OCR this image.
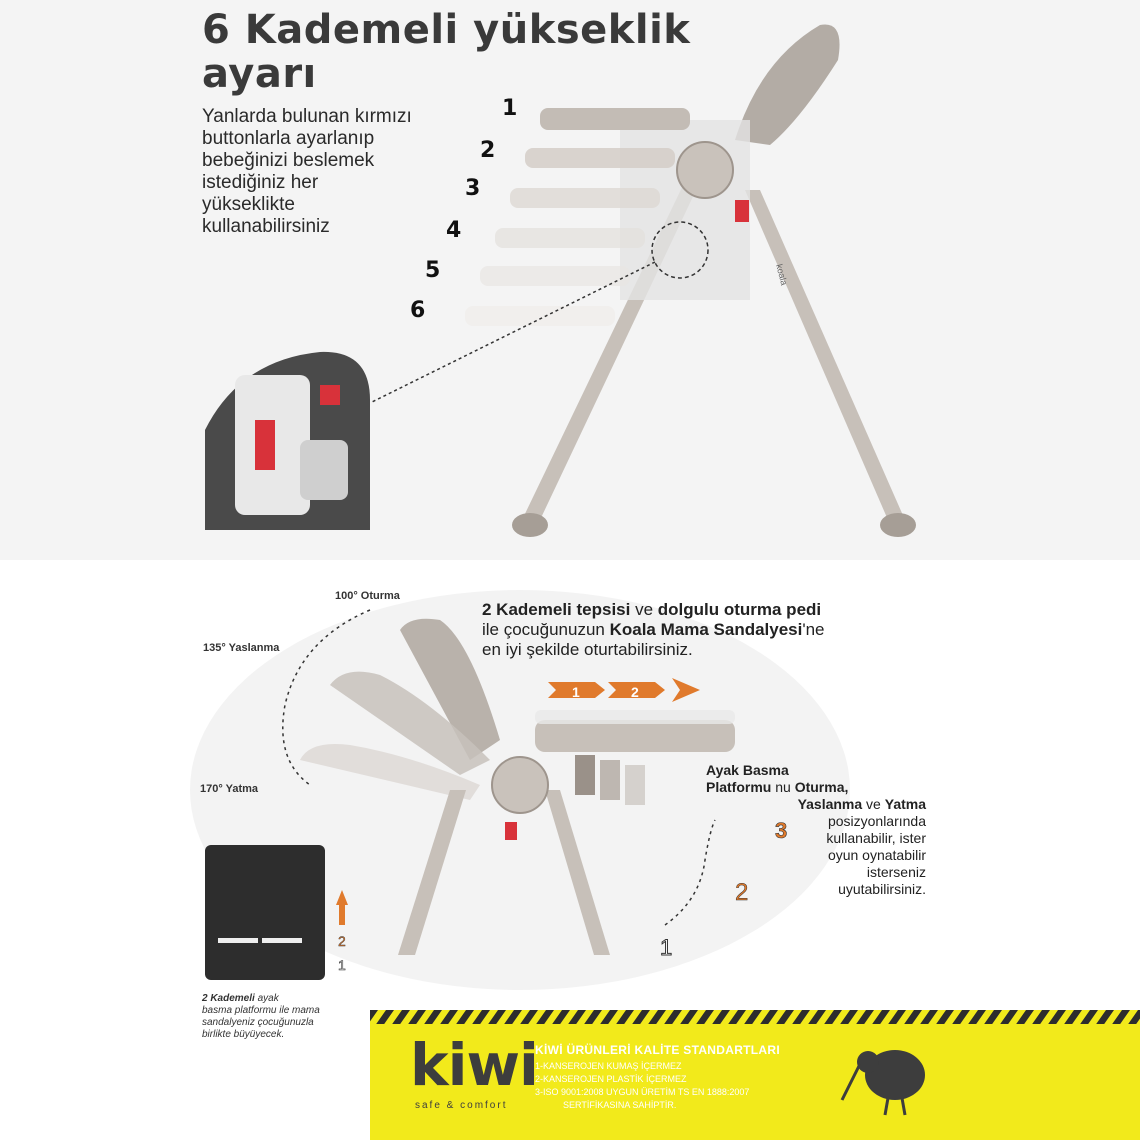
koala
6 Kademeli yükseklik
ayarı
Yanlarda bulunan kırmızı
buttonlarla ayarlanıp
bebeğinizi beslemek
istediğiniz her
yükseklikte
kullanabilirsiniz
1
2
3
4
5
6
3
2
1
1	2
2
1
100° Oturma
135° Yaslanma
170° Yatma
2 Kademeli tepsisi ve dolgulu oturma pedi
ile çocuğunuzun Koala Mama Sandalyesi'ne
en iyi şekilde oturtabilirsiniz.
Ayak Basma
Platformu nu Oturma,
Yaslanma ve Yatma
posizyonlarında
kullanabilir, ister
oyun oynatabilir
isterseniz
uyutabilirsiniz.
2 Kademeli ayak
basma platformu ile mama
sandalyeniz çocuğunuzla
birlikte büyüyecek.	kiwi
safe & comfort
KİWİ ÜRÜNLERİ KALİTE STANDARTLARI
1-KANSEROJEN KUMAŞ İÇERMEZ
2-KANSEROJEN PLASTİK İÇERMEZ
3-ISO 9001:2008 UYGUN ÜRETİM TS EN 1888:2007
SERTİFİKASINA SAHİPTİR.
